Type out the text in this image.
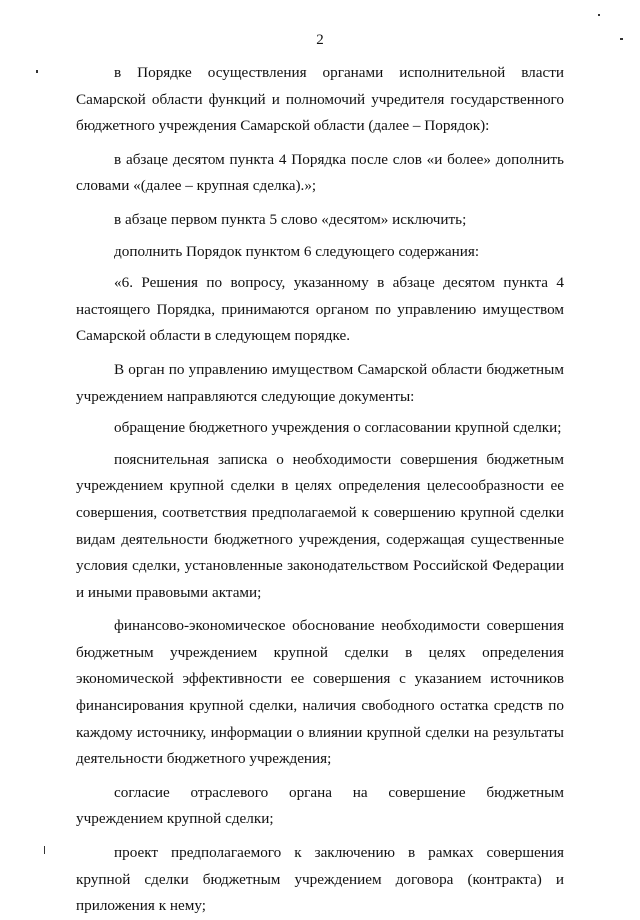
2

в Порядке осуществления органами исполнительной власти Самарской области функций и полномочий учредителя государственного бюджетного учреждения Самарской области (далее – Порядок):

в абзаце десятом пункта 4 Порядка после слов «и более» дополнить словами «(далее – крупная сделка).»;

в абзаце первом пункта 5 слово «десятом» исключить;

дополнить Порядок пунктом 6 следующего содержания:

«6. Решения по вопросу, указанному в абзаце десятом пункта 4 настоящего Порядка, принимаются органом по управлению имуществом Самарской области в следующем порядке.

В орган по управлению имуществом Самарской области бюджетным учреждением направляются следующие документы:

обращение бюджетного учреждения о согласовании крупной сделки;

пояснительная записка о необходимости совершения бюджетным учреждением крупной сделки в целях определения целесообразности ее совершения, соответствия предполагаемой к совершению крупной сделки видам деятельности бюджетного учреждения, содержащая существенные условия сделки, установленные законодательством Российской Федерации и иными правовыми актами;

финансово-экономическое обоснование необходимости совершения бюджетным учреждением крупной сделки в целях определения экономической эффективности ее совершения с указанием источников финансирования крупной сделки, наличия свободного остатка средств по каждому источнику, информации о влиянии крупной сделки на результаты деятельности бюджетного учреждения;

согласие отраслевого органа на совершение бюджетным учреждением крупной сделки;

проект предполагаемого к заключению в рамках совершения крупной сделки бюджетным учреждением договора (контракта) и приложения к нему;
